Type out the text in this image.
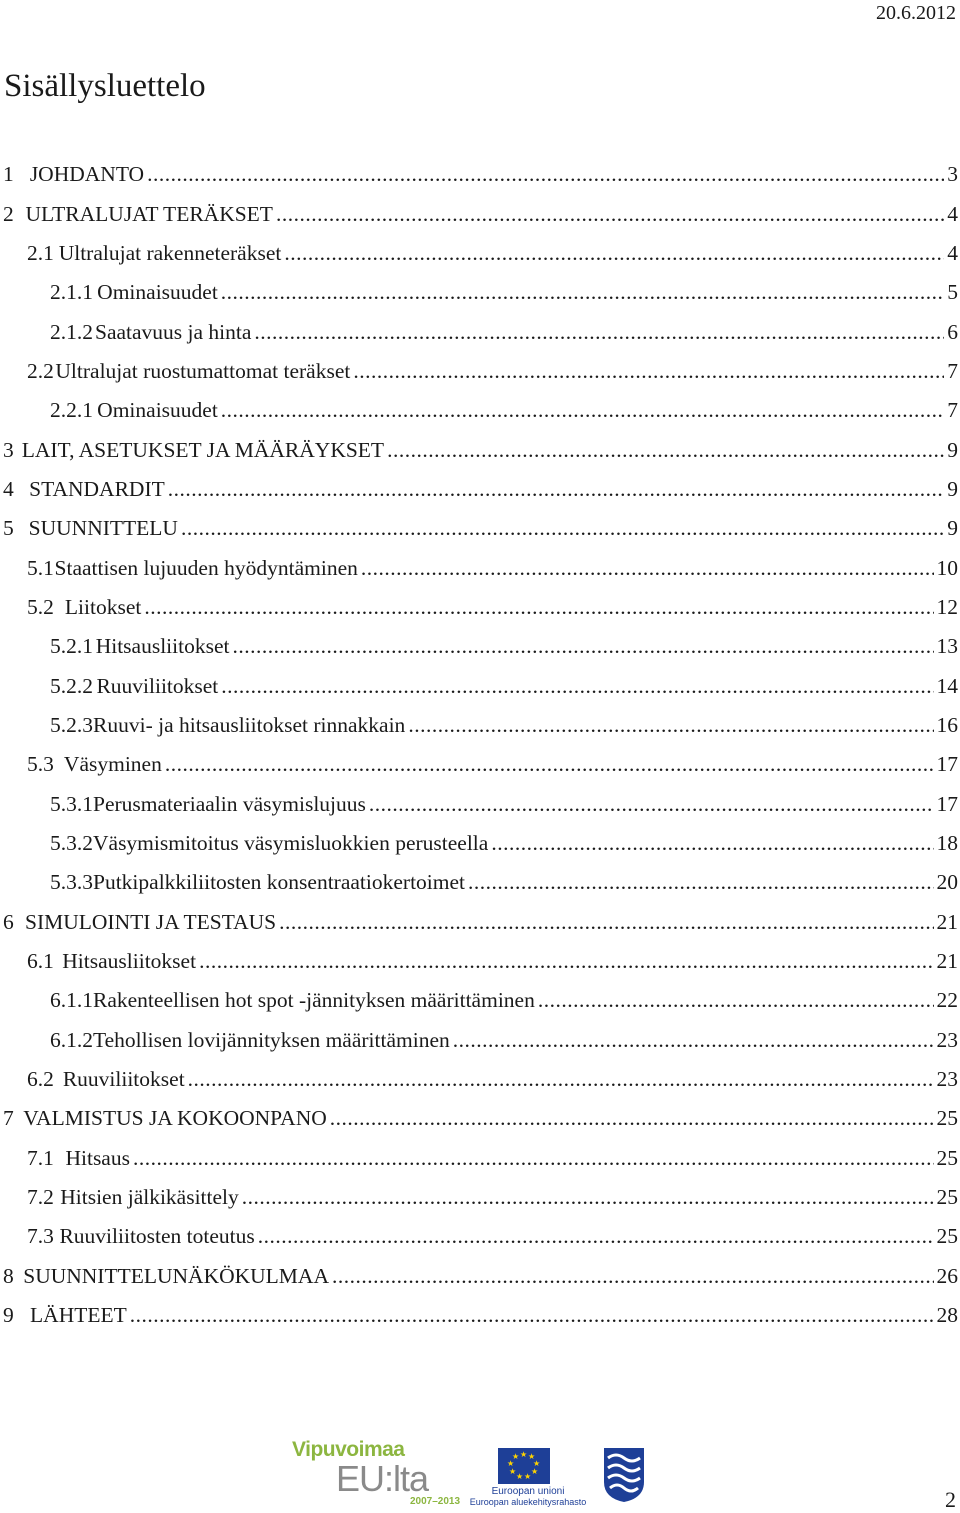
20.6.2012
Sisällysluettelo
1 JOHDANTO .....	3
2 ULTRALUJAT TERÄKSET .....	4
2.1 Ultralujat rakenneteräkset .....	4
2.1.1 Ominaisuudet .....	5
2.1.2 Saatavuus ja hinta .....	6
2.2 Ultralujat ruostumattomat teräkset .....	7
2.2.1 Ominaisuudet .....	7
3 LAIT, ASETUKSET JA MÄÄRÄYKSET .....	9
4 STANDARDIT .....	9
5 SUUNNITTELU .....	9
5.1 Staattisen lujuuden hyödyntäminen .....	10
5.2 Liitokset .....	12
5.2.1 Hitsausliitokset .....	13
5.2.2 Ruuviliitokset .....	14
5.2.3 Ruuvi- ja hitsausliitokset rinnakkain .....	16
5.3 Väsyminen .....	17
5.3.1 Perusmateriaalin väsymislujuus .....	17
5.3.2 Väsymismitoitus väsymisluokkien perusteella .....	18
5.3.3 Putkipalkkiliitosten konsentraatiokertoimet .....	20
6 SIMULOINTI JA TESTAUS .....	21
6.1 Hitsausliitokset .....	21
6.1.1 Rakenteellisen hot spot -jännityksen määrittäminen .....	22
6.1.2 Tehollisen lovijännityksen määrittäminen .....	23
6.2 Ruuviliitokset .....	23
7 VALMISTUS JA KOKOONPANO .....	25
7.1 Hitsaus .....	25
7.2 Hitsien jälkikäsittely .....	25
7.3 Ruuviliitosten toteutus .....	25
8 SUUNNITTELUNÄKÖKULMAA .....	26
9 LÄHTEET .....	28
Vipuvoimaa
EU:lta
2007–2013
★ ★
★
★
★
★
★
★
★
Euroopan unioni
Euroopan aluekehitysrahasto	2
